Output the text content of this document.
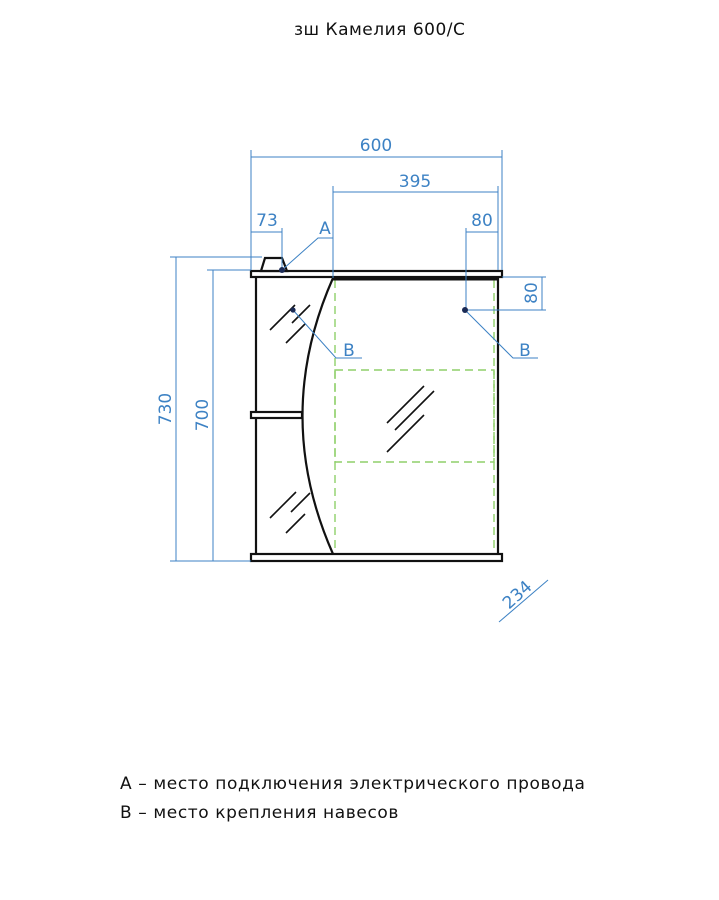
зш Камелия 600/С
600
395
73	80
A
B	B
730 700
80
234
A – место подключения электрического провода
B – место крепления навесов
